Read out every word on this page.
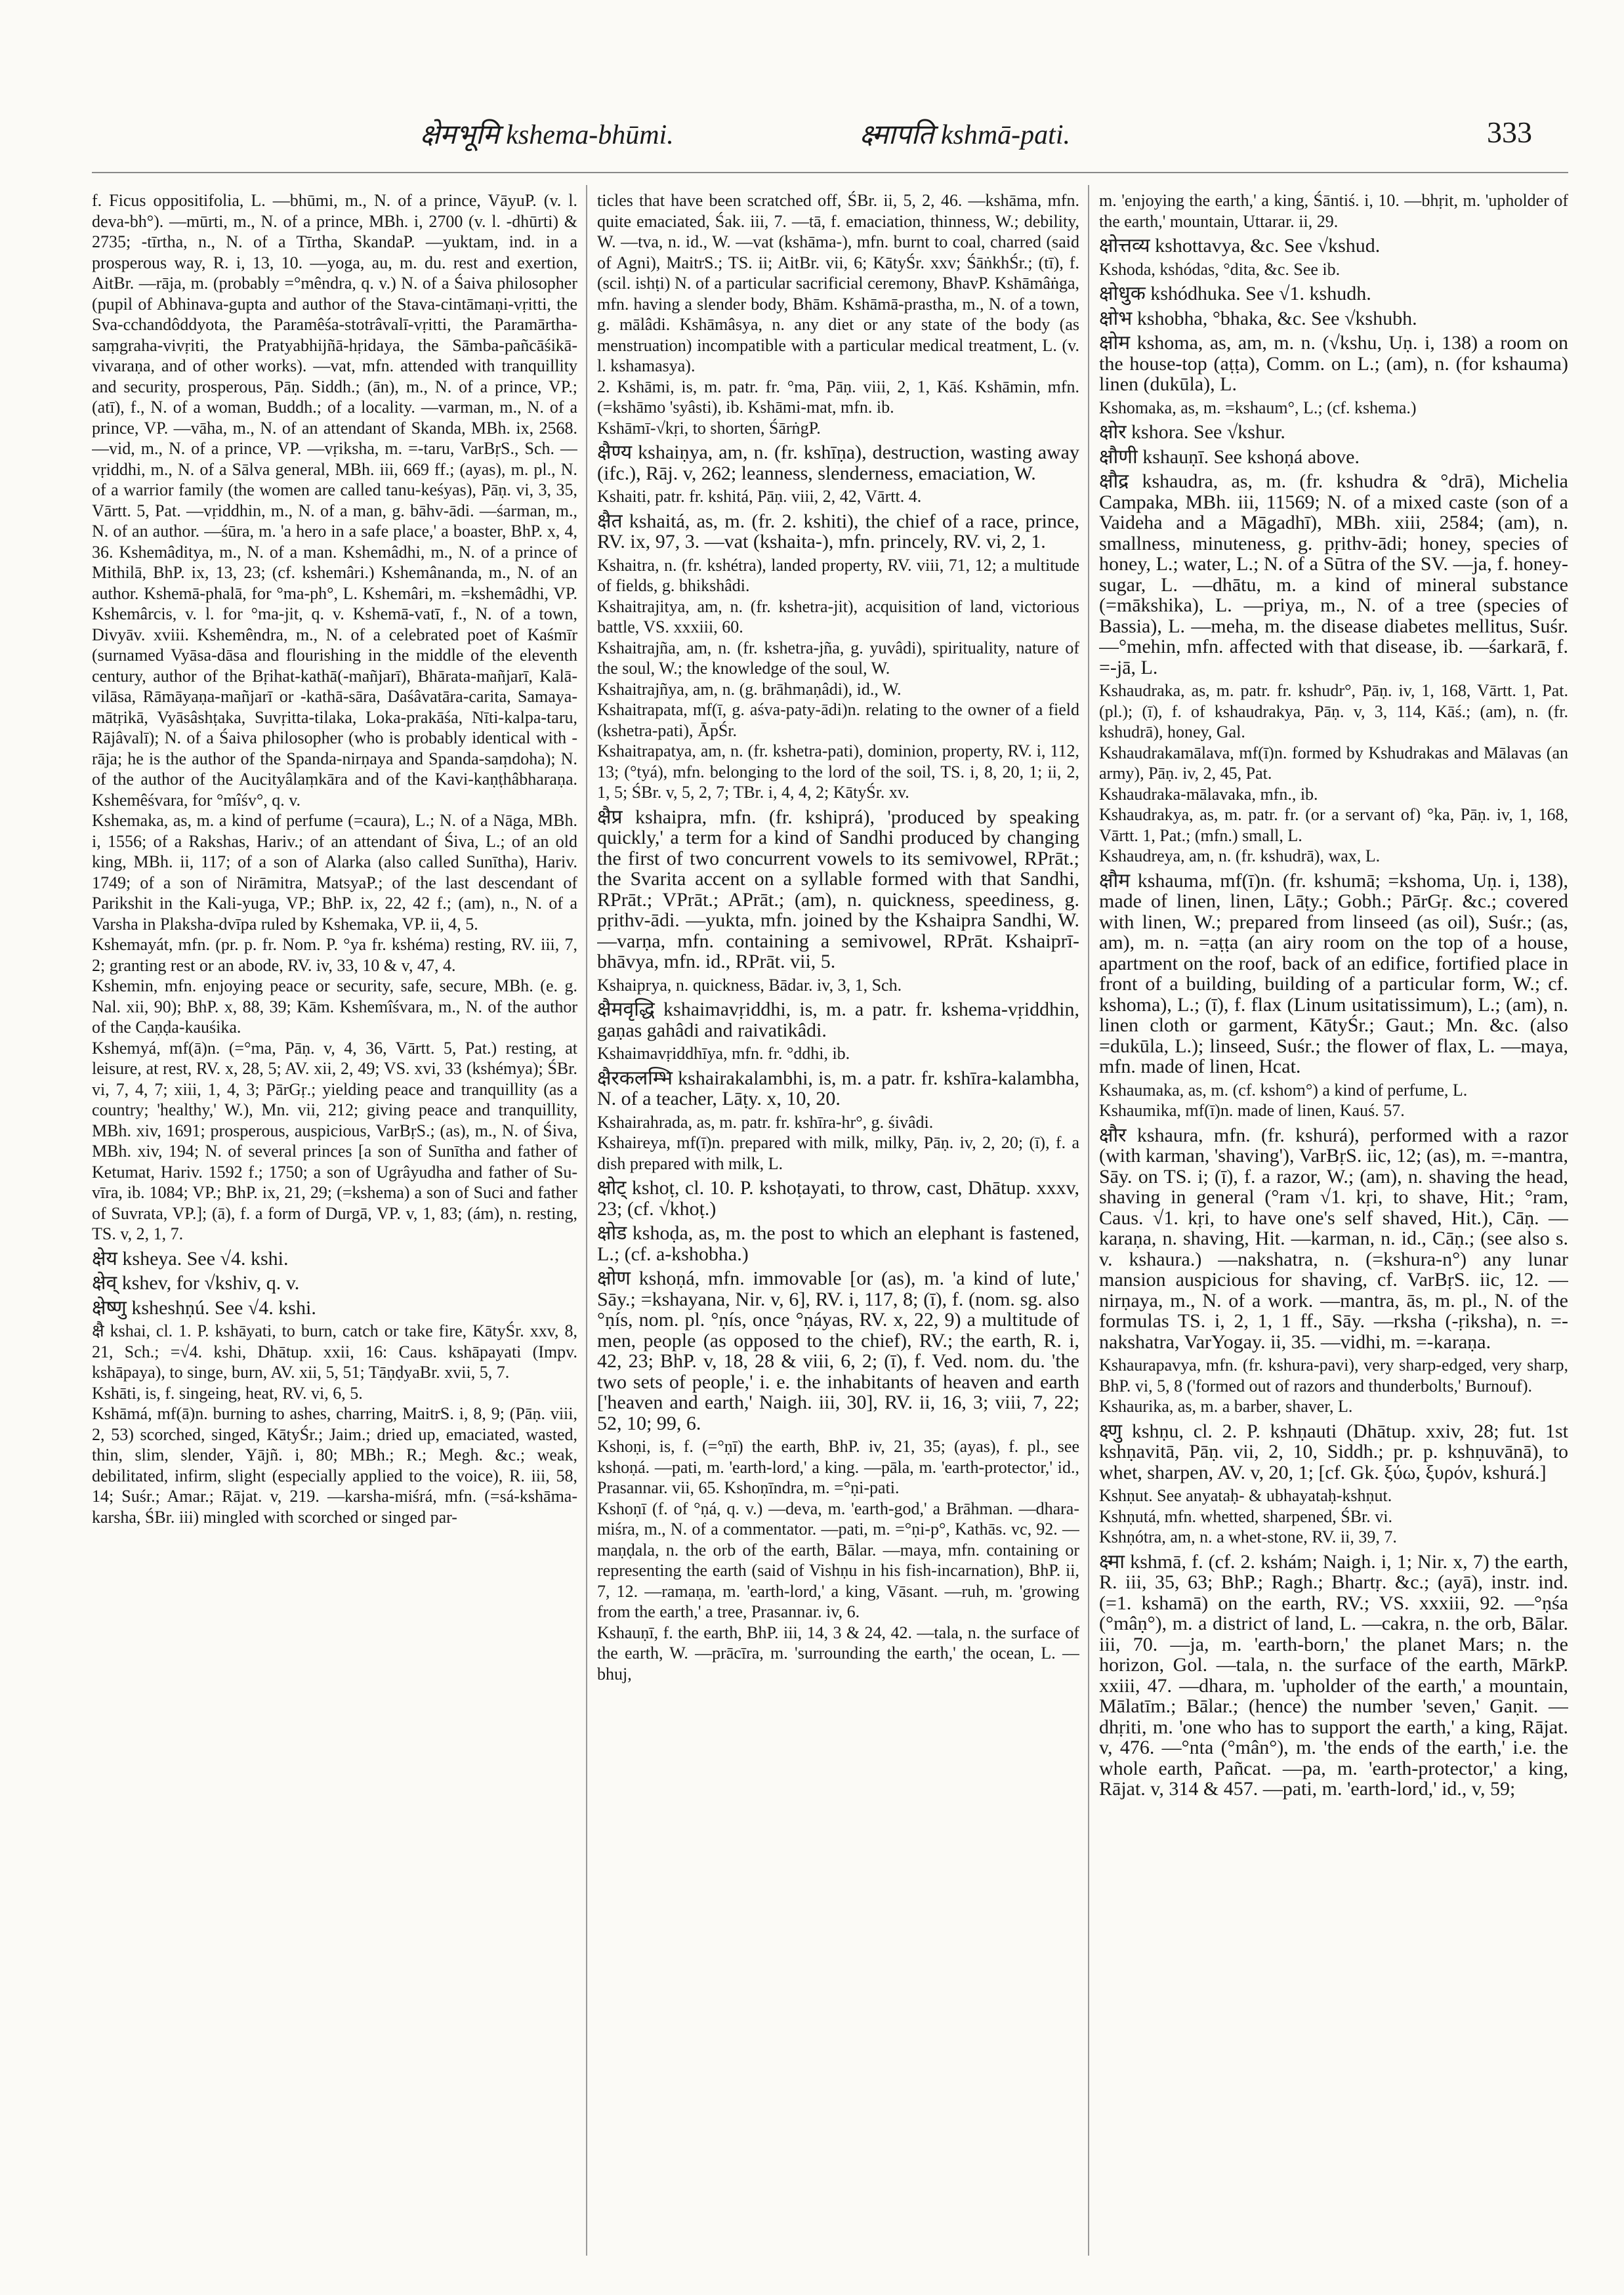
क्षेमभूमि kshema-bhūmi.	क्ष्मापति kshmā-pati.	333

f. Ficus oppositifolia, L. —bhūmi, m., N. of a prince, VāyuP. (v. l. deva-bh°). —mūrti, m., N. of a prince, MBh. i, 2700 (v. l. -dhūrti) & 2735; -tīrtha, n., N. of a Tīrtha, SkandaP. —yuktam, ind. in a prosperous way, R. i, 13, 10. —yoga, au, m. du. rest and exertion, AitBr. —rāja, m. (probably =°mêndra, q. v.) N. of a Śaiva philosopher (pupil of Abhinava-gupta and author of the Stava-cintāmaṇi-vṛitti, the Sva-cchandôddyota, the Paramêśa-stotrâvalī-vṛitti, the Paramārtha-saṃgraha-vivṛiti, the Pratyabhijñā-hṛidaya, the Sāmba-pañcāśikā-vivaraṇa, and of other works). —vat, mfn. attended with tranquillity and security, prosperous, Pāṇ. Siddh.; (ān), m., N. of a prince, VP.; (atī), f., N. of a woman, Buddh.; of a locality. —varman, m., N. of a prince, VP. —vāha, m., N. of an attendant of Skanda, MBh. ix, 2568. —vid, m., N. of a prince, VP. —vṛiksha, m. =-taru, VarBṛS., Sch. —vṛiddhi, m., N. of a Sālva general, MBh. iii, 669 ff.; (ayas), m. pl., N. of a warrior family (the women are called tanu-keśyas), Pāṇ. vi, 3, 35, Vārtt. 5, Pat. —vṛiddhin, m., N. of a man, g. bāhv-ādi. —śarman, m., N. of an author. —śūra, m. 'a hero in a safe place,' a boaster, BhP. x, 4, 36. Kshemâditya, m., N. of a man. Kshemâdhi, m., N. of a prince of Mithilā, BhP. ix, 13, 23; (cf. kshemâri.) Kshemânanda, m., N. of an author. Kshemā-phalā, for °ma-ph°, L. Kshemâri, m. =kshemâdhi, VP. Kshemârcis, v. l. for °ma-jit, q. v. Kshemā-vatī, f., N. of a town, Divyāv. xviii. Kshemêndra, m., N. of a celebrated poet of Kaśmīr (surnamed Vyāsa-dāsa and flourishing in the middle of the eleventh century, author of the Bṛihat-kathā(-mañjarī), Bhārata-mañjarī, Kalā-vilāsa, Rāmāyaṇa-mañjarī or -kathā-sāra, Daśâvatāra-carita, Samaya-mātṛikā, Vyāsâshṭaka, Suvṛitta-tilaka, Loka-prakāśa, Nīti-kalpa-taru, Rājâvalī); N. of a Śaiva philosopher (who is probably identical with -rāja; he is the author of the Spanda-nirṇaya and Spanda-saṃdoha); N. of the author of the Aucityâlaṃkāra and of the Kavi-kaṇṭhâbharaṇa. Kshemêśvara, for °mîśv°, q. v.

Kshemaka, as, m. a kind of perfume (=caura), L.; N. of a Nāga, MBh. i, 1556; of a Rakshas, Hariv.; of an attendant of Śiva, L.; of an old king, MBh. ii, 117; of a son of Alarka (also called Sunītha), Hariv. 1749; of a son of Nirāmitra, MatsyaP.; of the last descendant of Parikshit in the Kali-yuga, VP.; BhP. ix, 22, 42 f.; (am), n., N. of a Varsha in Plaksha-dvīpa ruled by Kshemaka, VP. ii, 4, 5.

Kshemayát, mfn. (pr. p. fr. Nom. P. °ya fr. kshéma) resting, RV. iii, 7, 2; granting rest or an abode, RV. iv, 33, 10 & v, 47, 4.

Kshemin, mfn. enjoying peace or security, safe, secure, MBh. (e. g. Nal. xii, 90); BhP. x, 88, 39; Kām. Kshemîśvara, m., N. of the author of the Caṇḍa-kauśika.

Kshemyá, mf(ā)n. (=°ma, Pāṇ. v, 4, 36, Vārtt. 5, Pat.) resting, at leisure, at rest, RV. x, 28, 5; AV. xii, 2, 49; VS. xvi, 33 (kshémya); ŚBr. vi, 7, 4, 7; xiii, 1, 4, 3; PārGṛ.; yielding peace and tranquillity (as a country; 'healthy,' W.), Mn. vii, 212; giving peace and tranquillity, MBh. xiv, 1691; prosperous, auspicious, VarBṛS.; (as), m., N. of Śiva, MBh. xiv, 194; N. of several princes [a son of Sunītha and father of Ketumat, Hariv. 1592 f.; 1750; a son of Ugrâyudha and father of Su-vīra, ib. 1084; VP.; BhP. ix, 21, 29; (=kshema) a son of Suci and father of Suvrata, VP.]; (ā), f. a form of Durgā, VP. v, 1, 83; (ám), n. resting, TS. v, 2, 1, 7.

क्षेय ksheya. See √4. kshi.

क्षेव् kshev, for √kshiv, q. v.

क्षेष्णु ksheshṇú. See √4. kshi.

क्षै kshai, cl. 1. P. kshāyati, to burn, catch or take fire, KātyŚr. xxv, 8, 21, Sch.; =√4. kshi, Dhātup. xxii, 16: Caus. kshāpayati (Impv. kshāpaya), to singe, burn, AV. xii, 5, 51; TāṇḍyaBr. xvii, 5, 7.

Kshāti, is, f. singeing, heat, RV. vi, 6, 5.

Kshāmá, mf(ā)n. burning to ashes, charring, MaitrS. i, 8, 9; (Pāṇ. viii, 2, 53) scorched, singed, KātyŚr.; Jaim.; dried up, emaciated, wasted, thin, slim, slender, Yājñ. i, 80; MBh.; R.; Megh. &c.; weak, debilitated, infirm, slight (especially applied to the voice), R. iii, 58, 14; Suśr.; Amar.; Rājat. v, 219. —karsha-miśrá, mfn. (=sá-kshāma-karsha, ŚBr. iii) mingled with scorched or singed par-

ticles that have been scratched off, ŚBr. ii, 5, 2, 46. —kshāma, mfn. quite emaciated, Śak. iii, 7. —tā, f. emaciation, thinness, W.; debility, W. —tva, n. id., W. —vat (kshāma-), mfn. burnt to coal, charred (said of Agni), MaitrS.; TS. ii; AitBr. vii, 6; KātyŚr. xxv; ŚāṅkhŚr.; (tī), f. (scil. ishṭi) N. of a particular sacrificial ceremony, BhavP. Kshāmâṅga, mfn. having a slender body, Bhām. Kshāmā-prastha, m., N. of a town, g. mālâdi. Kshāmâsya, n. any diet or any state of the body (as menstruation) incompatible with a particular medical treatment, L. (v. l. kshamasya).

2. Kshāmi, is, m. patr. fr. °ma, Pāṇ. viii, 2, 1, Kāś. Kshāmin, mfn. (=kshāmo 'syâsti), ib. Kshāmi-mat, mfn. ib.

Kshāmī-√kṛi, to shorten, ŚārṅgP.

क्षैण्य kshaiṇya, am, n. (fr. kshīṇa), destruction, wasting away (ifc.), Rāj. v, 262; leanness, slenderness, emaciation, W.

Kshaiti, patr. fr. kshitá, Pāṇ. viii, 2, 42, Vārtt. 4.

क्षैत kshaitá, as, m. (fr. 2. kshiti), the chief of a race, prince, RV. ix, 97, 3. —vat (kshaita-), mfn. princely, RV. vi, 2, 1.

Kshaitra, n. (fr. kshétra), landed property, RV. viii, 71, 12; a multitude of fields, g. bhikshâdi.

Kshaitrajitya, am, n. (fr. kshetra-jit), acquisition of land, victorious battle, VS. xxxiii, 60.

Kshaitrajña, am, n. (fr. kshetra-jña, g. yuvâdi), spirituality, nature of the soul, W.; the knowledge of the soul, W.

Kshaitrajñya, am, n. (g. brāhmaṇâdi), id., W.

Kshaitrapata, mf(ī, g. aśva-paty-ādi)n. relating to the owner of a field (kshetra-pati), ĀpŚr.

Kshaitrapatya, am, n. (fr. kshetra-pati), dominion, property, RV. i, 112, 13; (°tyá), mfn. belonging to the lord of the soil, TS. i, 8, 20, 1; ii, 2, 1, 5; ŚBr. v, 5, 2, 7; TBr. i, 4, 4, 2; KātyŚr. xv.

क्षैप्र kshaipra, mfn. (fr. kshiprá), 'produced by speaking quickly,' a term for a kind of Sandhi produced by changing the first of two concurrent vowels to its semivowel, RPrāt.; the Svarita accent on a syllable formed with that Sandhi, RPrāt.; VPrāt.; APrāt.; (am), n. quickness, speediness, g. pṛithv-ādi. —yukta, mfn. joined by the Kshaipra Sandhi, W. —varṇa, mfn. containing a semivowel, RPrāt. Kshaiprī-bhāvya, mfn. id., RPrāt. vii, 5.

Kshaiprya, n. quickness, Bādar. iv, 3, 1, Sch.

क्षैमवृद्धि kshaimavṛiddhi, is, m. a patr. fr. kshema-vṛiddhin, gaṇas gahâdi and raivatikâdi.

Kshaimavṛiddhīya, mfn. fr. °ddhi, ib.

क्षैरकलम्भि kshairakalambhi, is, m. a patr. fr. kshīra-kalambha, N. of a teacher, Lāṭy. x, 10, 20.

Kshairahrada, as, m. patr. fr. kshīra-hr°, g. śivâdi.

Kshaireya, mf(ī)n. prepared with milk, milky, Pāṇ. iv, 2, 20; (ī), f. a dish prepared with milk, L.

क्षोट् kshoṭ, cl. 10. P. kshoṭayati, to throw, cast, Dhātup. xxxv, 23; (cf. √khoṭ.)

क्षोड kshoḍa, as, m. the post to which an elephant is fastened, L.; (cf. a-kshobha.)

क्षोण kshoṇá, mfn. immovable [or (as), m. 'a kind of lute,' Sāy.; =kshayana, Nir. v, 6], RV. i, 117, 8; (ī), f. (nom. sg. also °ṇís, nom. pl. °ṇís, once °ṇáyas, RV. x, 22, 9) a multitude of men, people (as opposed to the chief), RV.; the earth, R. i, 42, 23; BhP. v, 18, 28 & viii, 6, 2; (ī), f. Ved. nom. du. 'the two sets of people,' i. e. the inhabitants of heaven and earth ['heaven and earth,' Naigh. iii, 30], RV. ii, 16, 3; viii, 7, 22; 52, 10; 99, 6.

Kshoṇi, is, f. (=°ṇī) the earth, BhP. iv, 21, 35; (ayas), f. pl., see kshoṇá. —pati, m. 'earth-lord,' a king. —pāla, m. 'earth-protector,' id., Prasannar. vii, 65. Kshoṇīndra, m. =°ṇi-pati.

Kshoṇī (f. of °ṇá, q. v.) —deva, m. 'earth-god,' a Brāhman. —dhara-miśra, m., N. of a commentator. —pati, m. =°ṇi-p°, Kathās. vc, 92. —maṇḍala, n. the orb of the earth, Bālar. —maya, mfn. containing or representing the earth (said of Vishṇu in his fish-incarnation), BhP. ii, 7, 12. —ramaṇa, m. 'earth-lord,' a king, Vāsant. —ruh, m. 'growing from the earth,' a tree, Prasannar. iv, 6.

Kshauṇī, f. the earth, BhP. iii, 14, 3 & 24, 42. —tala, n. the surface of the earth, W. —prācīra, m. 'surrounding the earth,' the ocean, L. —bhuj,

m. 'enjoying the earth,' a king, Śāntiś. i, 10. —bhṛit, m. 'upholder of the earth,' mountain, Uttarar. ii, 29.

क्षोत्तव्य kshottavya, &c. See √kshud.

Kshoda, kshódas, °dita, &c. See ib.

क्षोधुक kshódhuka. See √1. kshudh.

क्षोभ kshobha, °bhaka, &c. See √kshubh.

क्षोम kshoma, as, am, m. n. (√kshu, Uṇ. i, 138) a room on the house-top (aṭṭa), Comm. on L.; (am), n. (for kshauma) linen (dukūla), L.

Kshomaka, as, m. =kshaum°, L.; (cf. kshema.)

क्षोर kshora. See √kshur.

क्षौणी kshauṇī. See kshoṇá above.

क्षौद्र kshaudra, as, m. (fr. kshudra & °drā), Michelia Campaka, MBh. iii, 11569; N. of a mixed caste (son of a Vaideha and a Māgadhī), MBh. xiii, 2584; (am), n. smallness, minuteness, g. pṛithv-ādi; honey, species of honey, L.; water, L.; N. of a Sūtra of the SV. —ja, f. honey-sugar, L. —dhātu, m. a kind of mineral substance (=mākshika), L. —priya, m., N. of a tree (species of Bassia), L. —meha, m. the disease diabetes mellitus, Suśr. —°mehin, mfn. affected with that disease, ib. —śarkarā, f. =-jā, L.

Kshaudraka, as, m. patr. fr. kshudr°, Pāṇ. iv, 1, 168, Vārtt. 1, Pat. (pl.); (ī), f. of kshaudrakya, Pāṇ. v, 3, 114, Kāś.; (am), n. (fr. kshudrā), honey, Gal.

Kshaudrakamālava, mf(ī)n. formed by Kshudrakas and Mālavas (an army), Pāṇ. iv, 2, 45, Pat.

Kshaudraka-mālavaka, mfn., ib.

Kshaudrakya, as, m. patr. fr. (or a servant of) °ka, Pāṇ. iv, 1, 168, Vārtt. 1, Pat.; (mfn.) small, L.

Kshaudreya, am, n. (fr. kshudrā), wax, L.

क्षौम kshauma, mf(ī)n. (fr. kshumā; =kshoma, Uṇ. i, 138), made of linen, linen, Lāṭy.; Gobh.; PārGṛ. &c.; covered with linen, W.; prepared from linseed (as oil), Suśr.; (as, am), m. n. =aṭṭa (an airy room on the top of a house, apartment on the roof, back of an edifice, fortified place in front of a building, building of a particular form, W.; cf. kshoma), L.; (ī), f. flax (Linum usitatissimum), L.; (am), n. linen cloth or garment, KātyŚr.; Gaut.; Mn. &c. (also =dukūla, L.); linseed, Suśr.; the flower of flax, L. —maya, mfn. made of linen, Hcat.

Kshaumaka, as, m. (cf. kshom°) a kind of perfume, L.

Kshaumika, mf(ī)n. made of linen, Kauś. 57.

क्षौर kshaura, mfn. (fr. kshurá), performed with a razor (with karman, 'shaving'), VarBṛS. iic, 12; (as), m. =-mantra, Sāy. on TS. i; (ī), f. a razor, W.; (am), n. shaving the head, shaving in general (°ram √1. kṛi, to shave, Hit.; °ram, Caus. √1. kṛi, to have one's self shaved, Hit.), Cāṇ. —karaṇa, n. shaving, Hit. —karman, n. id., Cāṇ.; (see also s. v. kshaura.) —nakshatra, n. (=kshura-n°) any lunar mansion auspicious for shaving, cf. VarBṛS. iic, 12. —nirṇaya, m., N. of a work. —mantra, ās, m. pl., N. of the formulas TS. i, 2, 1, 1 ff., Sāy. —rksha (-ṛiksha), n. =-nakshatra, VarYogay. ii, 35. —vidhi, m. =-karaṇa.

Kshaurapavya, mfn. (fr. kshura-pavi), very sharp-edged, very sharp, BhP. vi, 5, 8 ('formed out of razors and thunderbolts,' Burnouf).

Kshaurika, as, m. a barber, shaver, L.

क्ष्णु kshṇu, cl. 2. P. kshṇauti (Dhātup. xxiv, 28; fut. 1st kshṇavitā, Pāṇ. vii, 2, 10, Siddh.; pr. p. kshṇuvānā), to whet, sharpen, AV. v, 20, 1; [cf. Gk. ξύω, ξυρόν, kshurá.]

Kshṇut. See anyataḥ- & ubhayataḥ-kshṇut.

Kshṇutá, mfn. whetted, sharpened, ŚBr. vi.

Kshṇótra, am, n. a whet-stone, RV. ii, 39, 7.

क्ष्मा kshmā, f. (cf. 2. kshám; Naigh. i, 1; Nir. x, 7) the earth, R. iii, 35, 63; BhP.; Ragh.; Bhartṛ. &c.; (ayā), instr. ind. (=1. kshamā) on the earth, RV.; VS. xxxiii, 92. —°ṇśa (°mâṇ°), m. a district of land, L. —cakra, n. the orb, Bālar. iii, 70. —ja, m. 'earth-born,' the planet Mars; n. the horizon, Gol. —tala, n. the surface of the earth, MārkP. xxiii, 47. —dhara, m. 'upholder of the earth,' a mountain, Mālatīm.; Bālar.; (hence) the number 'seven,' Gaṇit. —dhṛiti, m. 'one who has to support the earth,' a king, Rājat. v, 476. —°nta (°mân°), m. 'the ends of the earth,' i.e. the whole earth, Pañcat. —pa, m. 'earth-protector,' a king, Rājat. v, 314 & 457. —pati, m. 'earth-lord,' id., v, 59;
